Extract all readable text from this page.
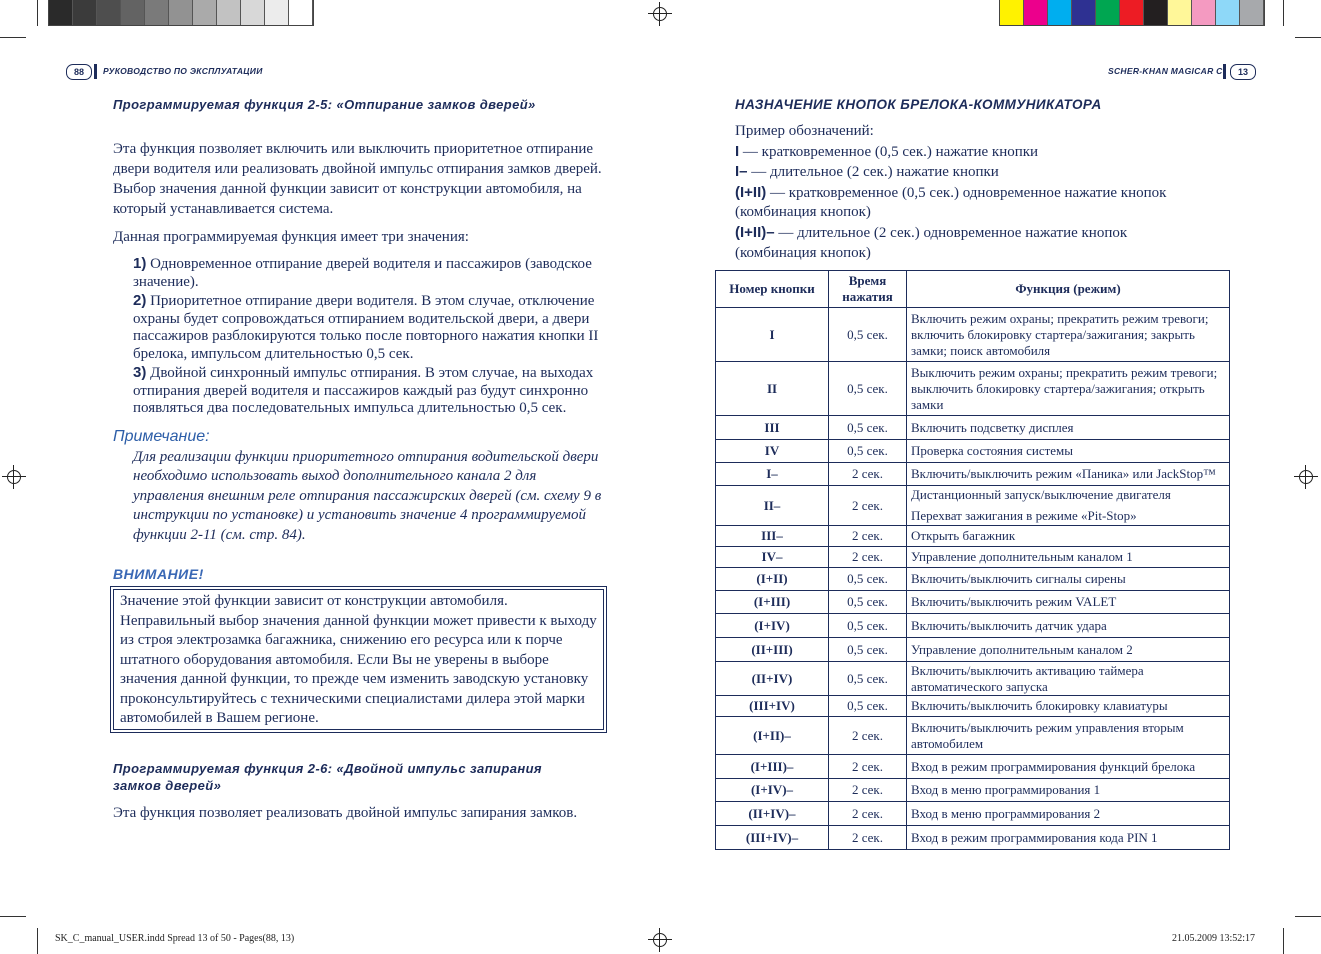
88	РУКОВОДСТВО ПО ЭКСПЛУАТАЦИИ
Программируемая функция 2-5: «Отпирание замков дверей»
Эта функция позволяет включить или выключить приоритетное отпирание двери водителя или реализовать двойной импульс отпирания замков дверей. Выбор значения данной функции зависит от конструкции автомобиля, на который устанавливается система.
Данная программируемая функция имеет три значения:
1) Одновременное отпирание дверей водителя и пассажиров (заводское значение).
2) Приоритетное отпирание двери водителя. В этом случае, отключение охраны будет сопровождаться отпиранием водительской двери, а двери пассажиров разблокируются только после повторного нажатия кнопки II брелока, импульсом длительностью 0,5 сек.
3) Двойной синхронный импульс отпирания. В этом случае, на выходах отпирания дверей водителя и пассажиров каждый раз будут синхронно появляться два последовательных импульса длительностью 0,5 сек.
Примечание:
Для реализации функции приоритетного отпирания водительской двери необходимо использовать выход дополнительного канала 2 для управления внешним реле отпирания пассажирских дверей (см. схему 9 в инструкции по установке) и установить значение 4 программируемой функции 2-11 (см. стр. 84).
ВНИМАНИЕ!
Значение этой функции зависит от конструкции автомобиля. Неправильный выбор значения данной функции может привести к выходу из строя электрозамка багажника, снижению его ресурса или к порче штатного оборудования автомобиля. Если Вы не уверены в выборе значения данной функции, то прежде чем изменить заводскую установку проконсультируйтесь с техническими специалистами дилера этой марки автомобилей в Вашем регионе.
Программируемая функция 2-6: «Двойной импульс запирания замков дверей»
Эта функция позволяет реализовать двойной импульс запирания замков.
SCHER-KHAN MAGICAR C	13
НАЗНАЧЕНИЕ КНОПОК БРЕЛОКА-КОММУНИКАТОРА
Пример обозначений:
I — кратковременное (0,5 сек.) нажатие кнопки
I– — длительное (2 сек.) нажатие кнопки
(I+II) — кратковременное (0,5 сек.) одновременное нажатие кнопок (комбинация кнопок)
(I+II)– — длительное (2 сек.) одновременное нажатие кнопок (комбинация кнопок)
Номер кнопки	Время нажатия	Функция (режим)
I	0,5 сек.	Включить режим охраны; прекратить режим тревоги; включить блокировку стартера/зажигания; закрыть замки; поиск автомобиля
II	0,5 сек.	Выключить режим охраны; прекратить режим тревоги; выключить блокировку стартера/зажигания; открыть замки
III	0,5 сек.	Включить подсветку дисплея
IV	0,5 сек.	Проверка состояния системы
I–	2 сек.	Включить/выключить режим «Паника» или JackStop™
II–	2 сек.	Дистанционный запуск/выключение двигателя
Перехват зажигания в режиме «Pit-Stop»

III–	2 сек.	Открыть багажник
IV–	2 сек.	Управление дополнительным каналом 1
(I+II)	0,5 сек.	Включить/выключить сигналы сирены
(I+III)	0,5 сек.	Включить/выключить режим VALET
(I+IV)	0,5 сек.	Включить/выключить датчик удара
(II+III)	0,5 сек.	Управление дополнительным каналом 2
(II+IV)	0,5 сек.	Включить/выключить активацию таймера автоматического запуска
(III+IV)	0,5 сек.	Включить/выключить блокировку клавиатуры
(I+II)–	2 сек.	Включить/выключить режим управления вторым автомобилем
(I+III)–	2 сек.	Вход в режим программирования функций брелока
(I+IV)–	2 сек.	Вход в меню программирования 1
(II+IV)–	2 сек.	Вход в меню программирования 2
(III+IV)–	2 сек.	Вход в режим программирования кода PIN 1
SK_C_manual_USER.indd Spread 13 of 50 - Pages(88, 13)	21.05.2009 13:52:17
